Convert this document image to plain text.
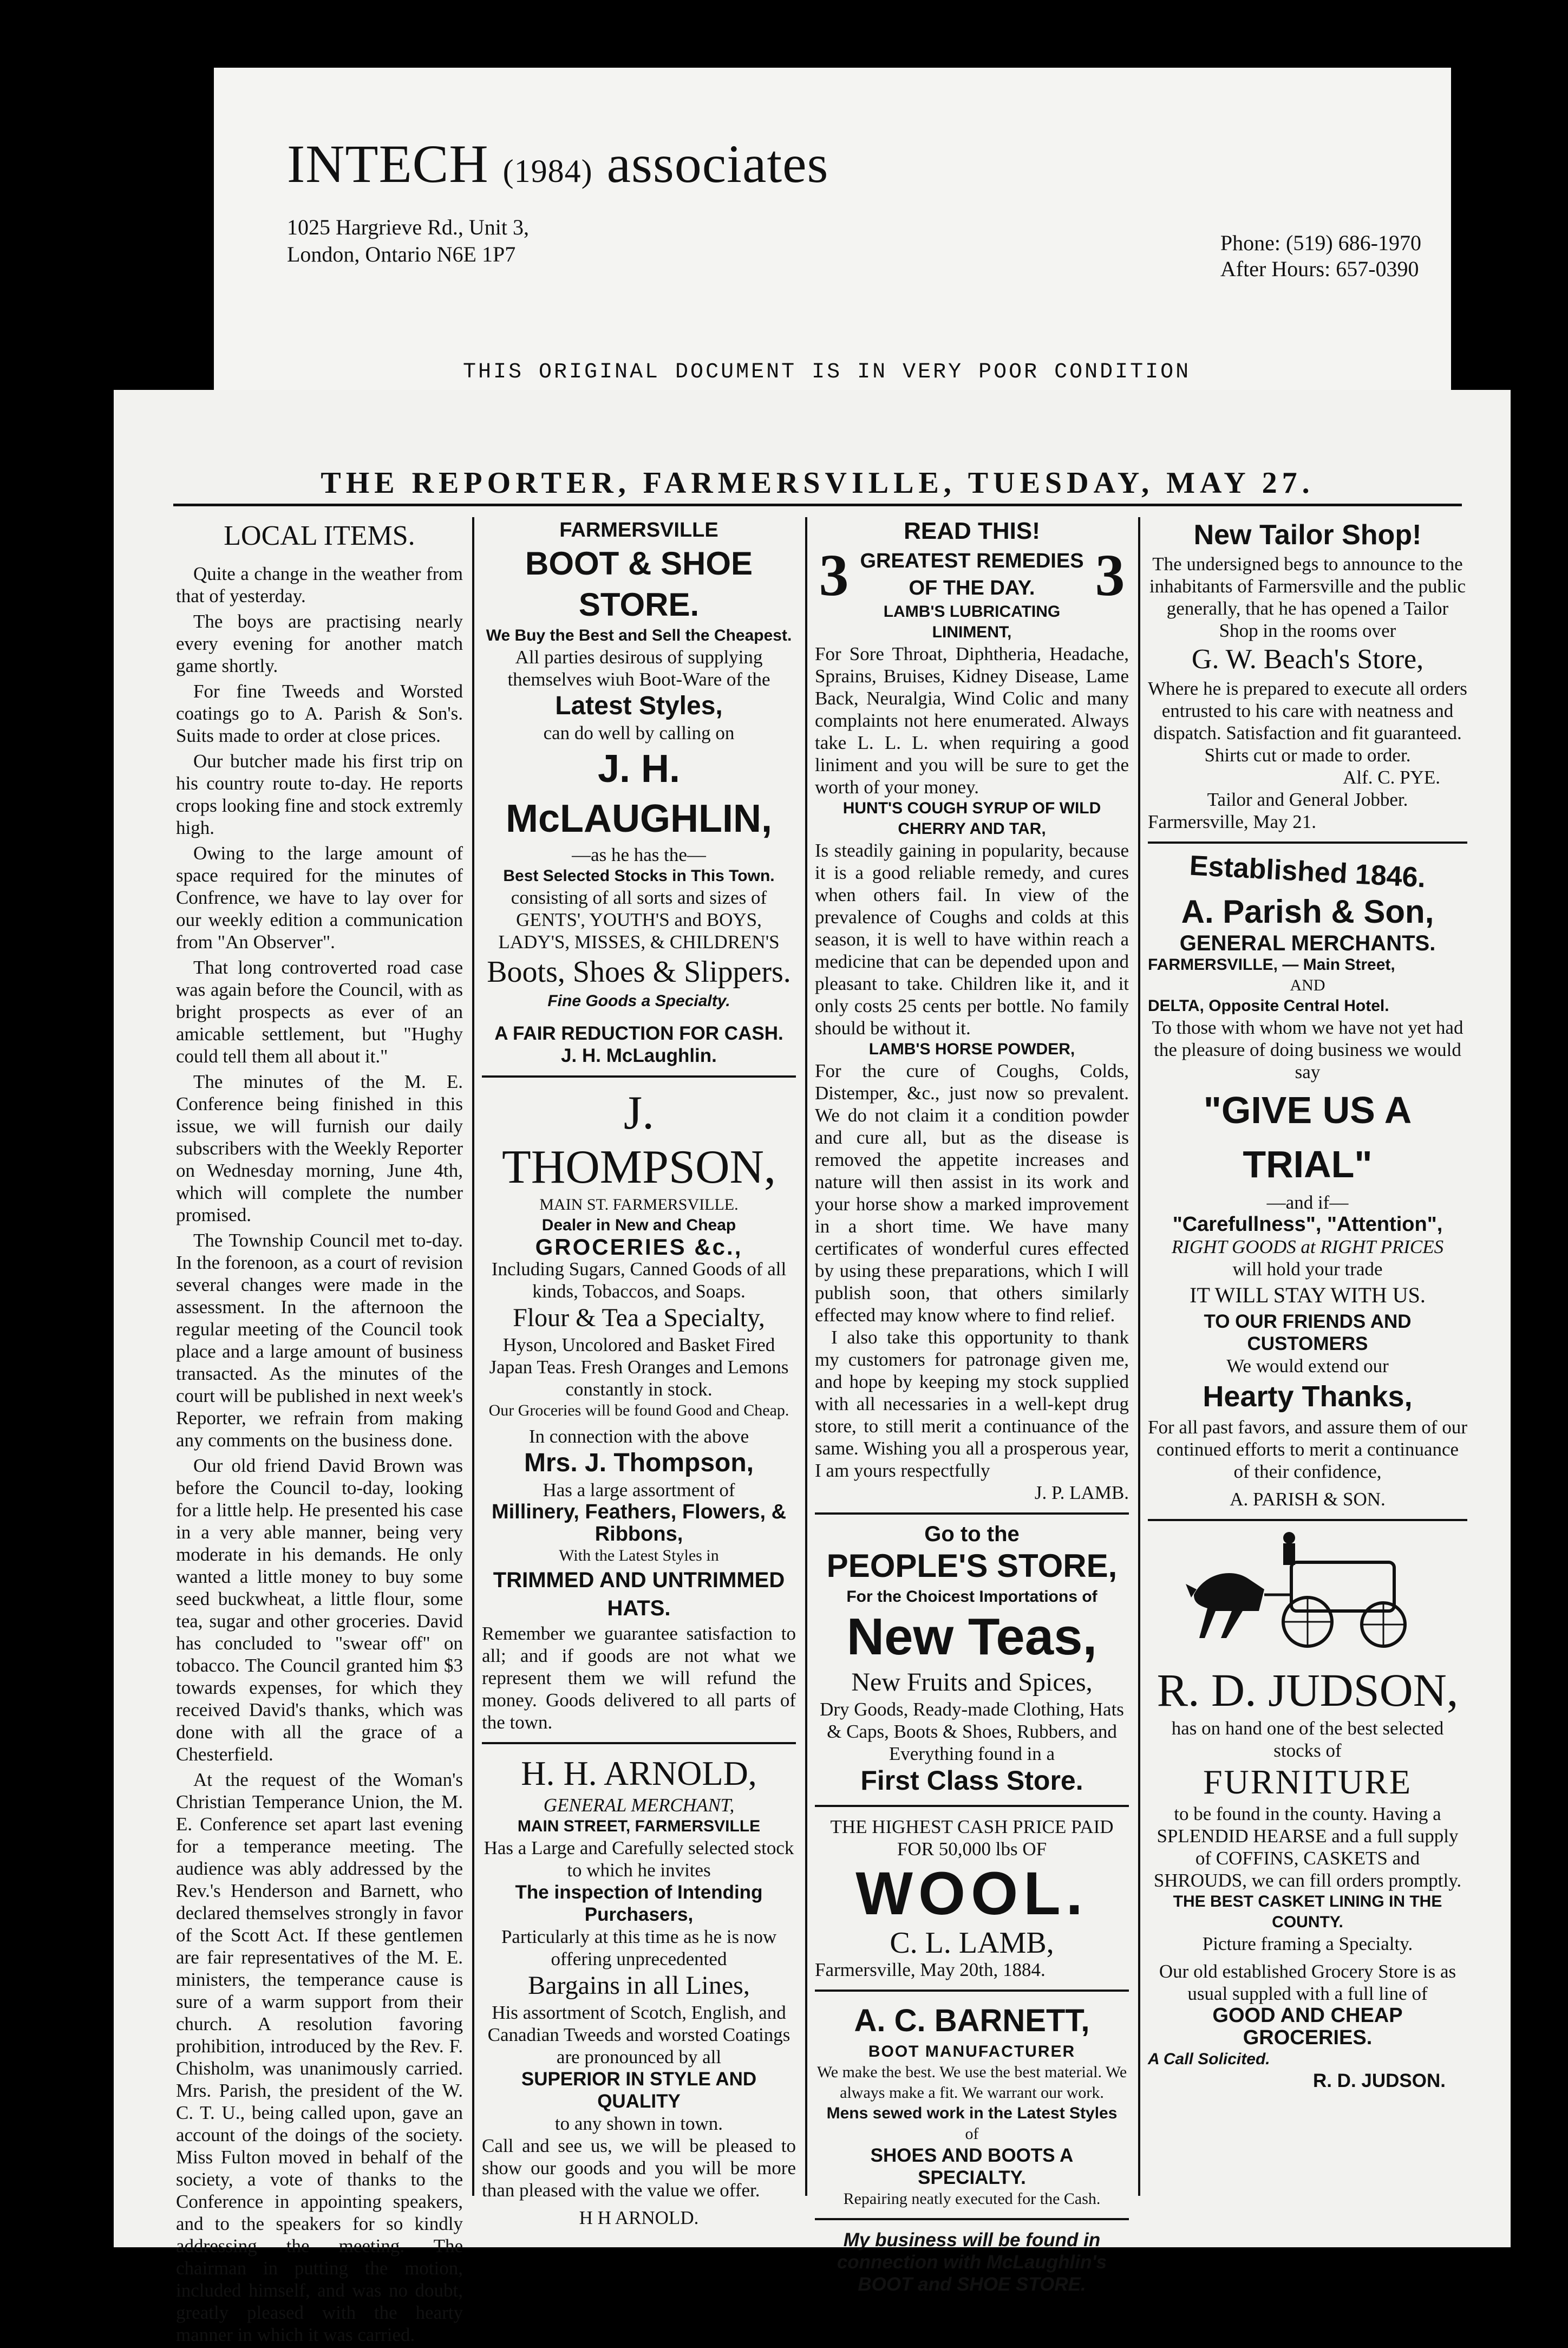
INTECH (1984) associates
1025 Hargrieve Rd., Unit 3,
London, Ontario N6E 1P7	Phone: (519) 686-1970
After Hours: 657-0390
THIS ORIGINAL DOCUMENT IS IN VERY POOR CONDITION
THE REPORTER, FARMERSVILLE, TUESDAY, MAY 27.
LOCAL ITEMS.

Quite a change in the weather from that of yesterday.

The boys are practising nearly every evening for another match game shortly.

For fine Tweeds and Worsted coatings go to A. Parish & Son's. Suits made to order at close prices.

Our butcher made his first trip on his country route to-day. He reports crops looking fine and stock extremly high.

Owing to the large amount of space required for the minutes of Confrence, we have to lay over for our weekly edition a communication from "An Observer".

That long controverted road case was again before the Council, with as bright prospects as ever of an amicable settlement, but "Hughy could tell them all about it."

The minutes of the M. E. Conference being finished in this issue, we will furnish our daily subscribers with the Weekly Reporter on Wednesday morning, June 4th, which will complete the number promised.

The Township Council met to-day. In the forenoon, as a court of revision several changes were made in the assessment. In the afternoon the regular meeting of the Council took place and a large amount of business transacted. As the minutes of the court will be published in next week's Reporter, we refrain from making any comments on the business done.

Our old friend David Brown was before the Council to-day, looking for a little help. He presented his case in a very able manner, being very moderate in his demands. He only wanted a little money to buy some seed buckwheat, a little flour, some tea, sugar and other groceries. David has concluded to "swear off" on tobacco. The Council granted him $3 towards expenses, for which they received David's thanks, which was done with all the grace of a Chesterfield.

At the request of the Woman's Christian Temperance Union, the M. E. Conference set apart last evening for a temperance meeting. The audience was ably addressed by the Rev.'s Henderson and Barnett, who declared themselves strongly in favor of the Scott Act. If these gentlemen are fair representatives of the M. E. ministers, the temperance cause is sure of a warm support from their church. A resolution favoring prohibition, introduced by the Rev. F. Chisholm, was unanimously carried. Mrs. Parish, the president of the W. C. T. U., being called upon, gave an account of the doings of the society. Miss Fulton moved in behalf of the society, a vote of thanks to the Conference in appointing speakers, and to the speakers for so kindly addressing the meeting. The chairman in putting the motion, included himself, and was no doubt, greatly pleased with the hearty manner in which it was carried.

FARMERSVILLE
BOOT & SHOE STORE.
We Buy the Best and Sell the Cheapest.
All parties desirous of supplying themselves wiuh Boot-Ware of the
Latest Styles,
can do well by calling on
J. H. McLAUGHLIN,
—as he has the—
Best Selected Stocks in This Town.
consisting of all sorts and sizes of GENTS', YOUTH'S and BOYS, LADY'S, MISSES, & CHILDREN'S
Boots, Shoes & Slippers.
Fine Goods a Specialty.
A FAIR REDUCTION FOR CASH.
J. H. McLaughlin.
J. THOMPSON,
MAIN ST. FARMERSVILLE.
Dealer in New and Cheap
GROCERIES &c.,
Including Sugars, Canned Goods of all kinds, Tobaccos, and Soaps.
Flour & Tea a Specialty,
Hyson, Uncolored and Basket Fired Japan Teas. Fresh Oranges and Lemons constantly in stock.
Our Groceries will be found Good and Cheap.
In connection with the above
Mrs. J. Thompson,
Has a large assortment of
Millinery, Feathers, Flowers, & Ribbons,
With the Latest Styles in
TRIMMED AND UNTRIMMED HATS.
Remember we guarantee satisfaction to all; and if goods are not what we represent them we will refund the money. Goods delivered to all parts of the town.
H. H. ARNOLD,
GENERAL MERCHANT,
MAIN STREET, FARMERSVILLE
Has a Large and Carefully selected stock to which he invites
The inspection of Intending Purchasers,
Particularly at this time as he is now offering unprecedented
Bargains in all Lines,
His assortment of Scotch, English, and Canadian Tweeds and worsted Coatings are pronounced by all
SUPERIOR IN STYLE AND QUALITY
to any shown in town.
Call and see us, we will be pleased to show our goods and you will be more than pleased with the value we offer.
H H ARNOLD.
READ THIS!
3	3
GREATEST REMEDIES OF THE DAY.
LAMB'S LUBRICATING LINIMENT,
For Sore Throat, Diphtheria, Headache, Sprains, Bruises, Kidney Disease, Lame Back, Neuralgia, Wind Colic and many complaints not here enumerated. Always take L. L. L. when requiring a good liniment and you will be sure to get the worth of your money.
HUNT'S COUGH SYRUP OF WILD CHERRY AND TAR,
Is steadily gaining in popularity, because it is a good reliable remedy, and cures when others fail. In view of the prevalence of Coughs and colds at this season, it is well to have within reach a medicine that can be depended upon and pleasant to take. Children like it, and it only costs 25 cents per bottle. No family should be without it.
LAMB'S HORSE POWDER,
For the cure of Coughs, Colds, Distemper, &c., just now so prevalent. We do not claim it a condition powder and cure all, but as the disease is removed the appetite increases and nature will then assist in its work and your horse show a marked improvement in a short time. We have many certificates of wonderful cures effected by using these preparations, which I will publish soon, that others similarly effected may know where to find relief.
I also take this opportunity to thank my customers for patronage given me, and hope by keeping my stock supplied with all necessaries in a well-kept drug store, to still merit a continuance of the same. Wishing you all a prosperous year, I am yours respectfully
J. P. LAMB.
Go to the
PEOPLE'S STORE,
For the Choicest Importations of
New Teas,
New Fruits and Spices,
Dry Goods, Ready-made Clothing, Hats & Caps, Boots & Shoes, Rubbers, and Everything found in a
First Class Store.
THE HIGHEST CASH PRICE PAID FOR 50,000 lbs OF
WOOL.
C. L. LAMB,
Farmersville, May 20th, 1884.
A. C. BARNETT,
BOOT MANUFACTURER
We make the best. We use the best material. We always make a fit. We warrant our work.
Mens sewed work in the Latest Styles
of
SHOES AND BOOTS A SPECIALTY.
Repairing neatly executed for the Cash.
My business will be found in connection with McLaughlin's BOOT and SHOE STORE.
New Tailor Shop!
The undersigned begs to announce to the inhabitants of Farmersville and the public generally, that he has opened a Tailor Shop in the rooms over
G. W. Beach's Store,
Where he is prepared to execute all orders entrusted to his care with neatness and dispatch. Satisfaction and fit guaranteed.
Shirts cut or made to order.
Alf. C. PYE.
Tailor and General Jobber.
Farmersville, May 21.
Established 1846.
A. Parish & Son,
GENERAL MERCHANTS.
FARMERSVILLE, — Main Street,
AND
DELTA, Opposite Central Hotel.
To those with whom we have not yet had the pleasure of doing business we would say
"GIVE US A TRIAL"
—and if—
"Carefullness", "Attention",
RIGHT GOODS at RIGHT PRICES
will hold your trade
IT WILL STAY WITH US.
TO OUR FRIENDS AND CUSTOMERS
We would extend our
Hearty Thanks,
For all past favors, and assure them of our continued efforts to merit a continuance of their confidence,
A. PARISH & SON.
R. D. JUDSON,
has on hand one of the best selected stocks of
FURNITURE
to be found in the county. Having a SPLENDID HEARSE and a full supply of COFFINS, CASKETS and SHROUDS, we can fill orders promptly.
THE BEST CASKET LINING IN THE COUNTY.
Picture framing a Specialty.
Our old established Grocery Store is as usual suppled with a full line of
GOOD AND CHEAP GROCERIES.
A Call Solicited.
R. D. JUDSON.
